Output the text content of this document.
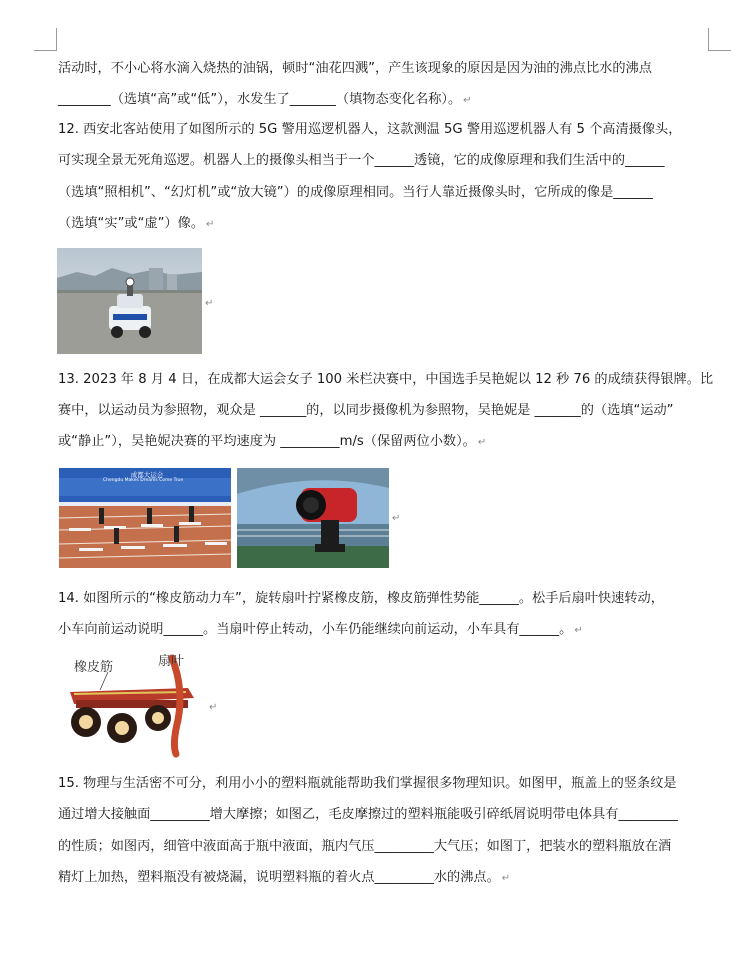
活动时，不小心将水滴入烧热的油锅，顿时“油花四溅”，产生该现象的原因是因为油的沸点比水的沸点
________（选填“高”或“低”），水发生了_______（填物态变化名称）。 ↵
12. 西安北客站使用了如图所示的 5G 警用巡逻机器人，这款测温 5G 警用巡逻机器人有 5 个高清摄像头，
可实现全景无死角巡逻。机器人上的摄像头相当于一个______透镜，它的成像原理和我们生活中的______
（选填“照相机”、“幻灯机”或“放大镜”）的成像原理相同。当行人靠近摄像头时，它所成的像是______
（选填“实”或“虚”）像。 ↵
↵
13. 2023 年 8 月 4 日，在成都大运会女子 100 米栏决赛中，中国选手吴艳妮以 12 秒 76 的成绩获得银牌。比
赛中，以运动员为参照物，观众是 _______的，以同步摄像机为参照物，吴艳妮是 _______的（选填“运动”
或“静止”），吴艳妮决赛的平均速度为 _________m/s（保留两位小数）。 ↵
成都大运会
Chengdu Makes Dreams Come True
↵
14. 如图所示的“橡皮筋动力车”，旋转扇叶拧紧橡皮筋，橡皮筋弹性势能______。松手后扇叶快速转动，
小车向前运动说明______。当扇叶停止转动，小车仍能继续向前运动，小车具有______。 ↵
橡皮筋	扇叶
↵
15. 物理与生活密不可分，利用小小的塑料瓶就能帮助我们掌握很多物理知识。如图甲，瓶盖上的竖条纹是
通过增大接触面_________增大摩擦；如图乙，毛皮摩擦过的塑料瓶能吸引碎纸屑说明带电体具有_________
的性质；如图丙，细管中液面高于瓶中液面，瓶内气压_________大气压；如图丁，把装水的塑料瓶放在酒
精灯上加热，塑料瓶没有被烧漏，说明塑料瓶的着火点_________水的沸点。 ↵
